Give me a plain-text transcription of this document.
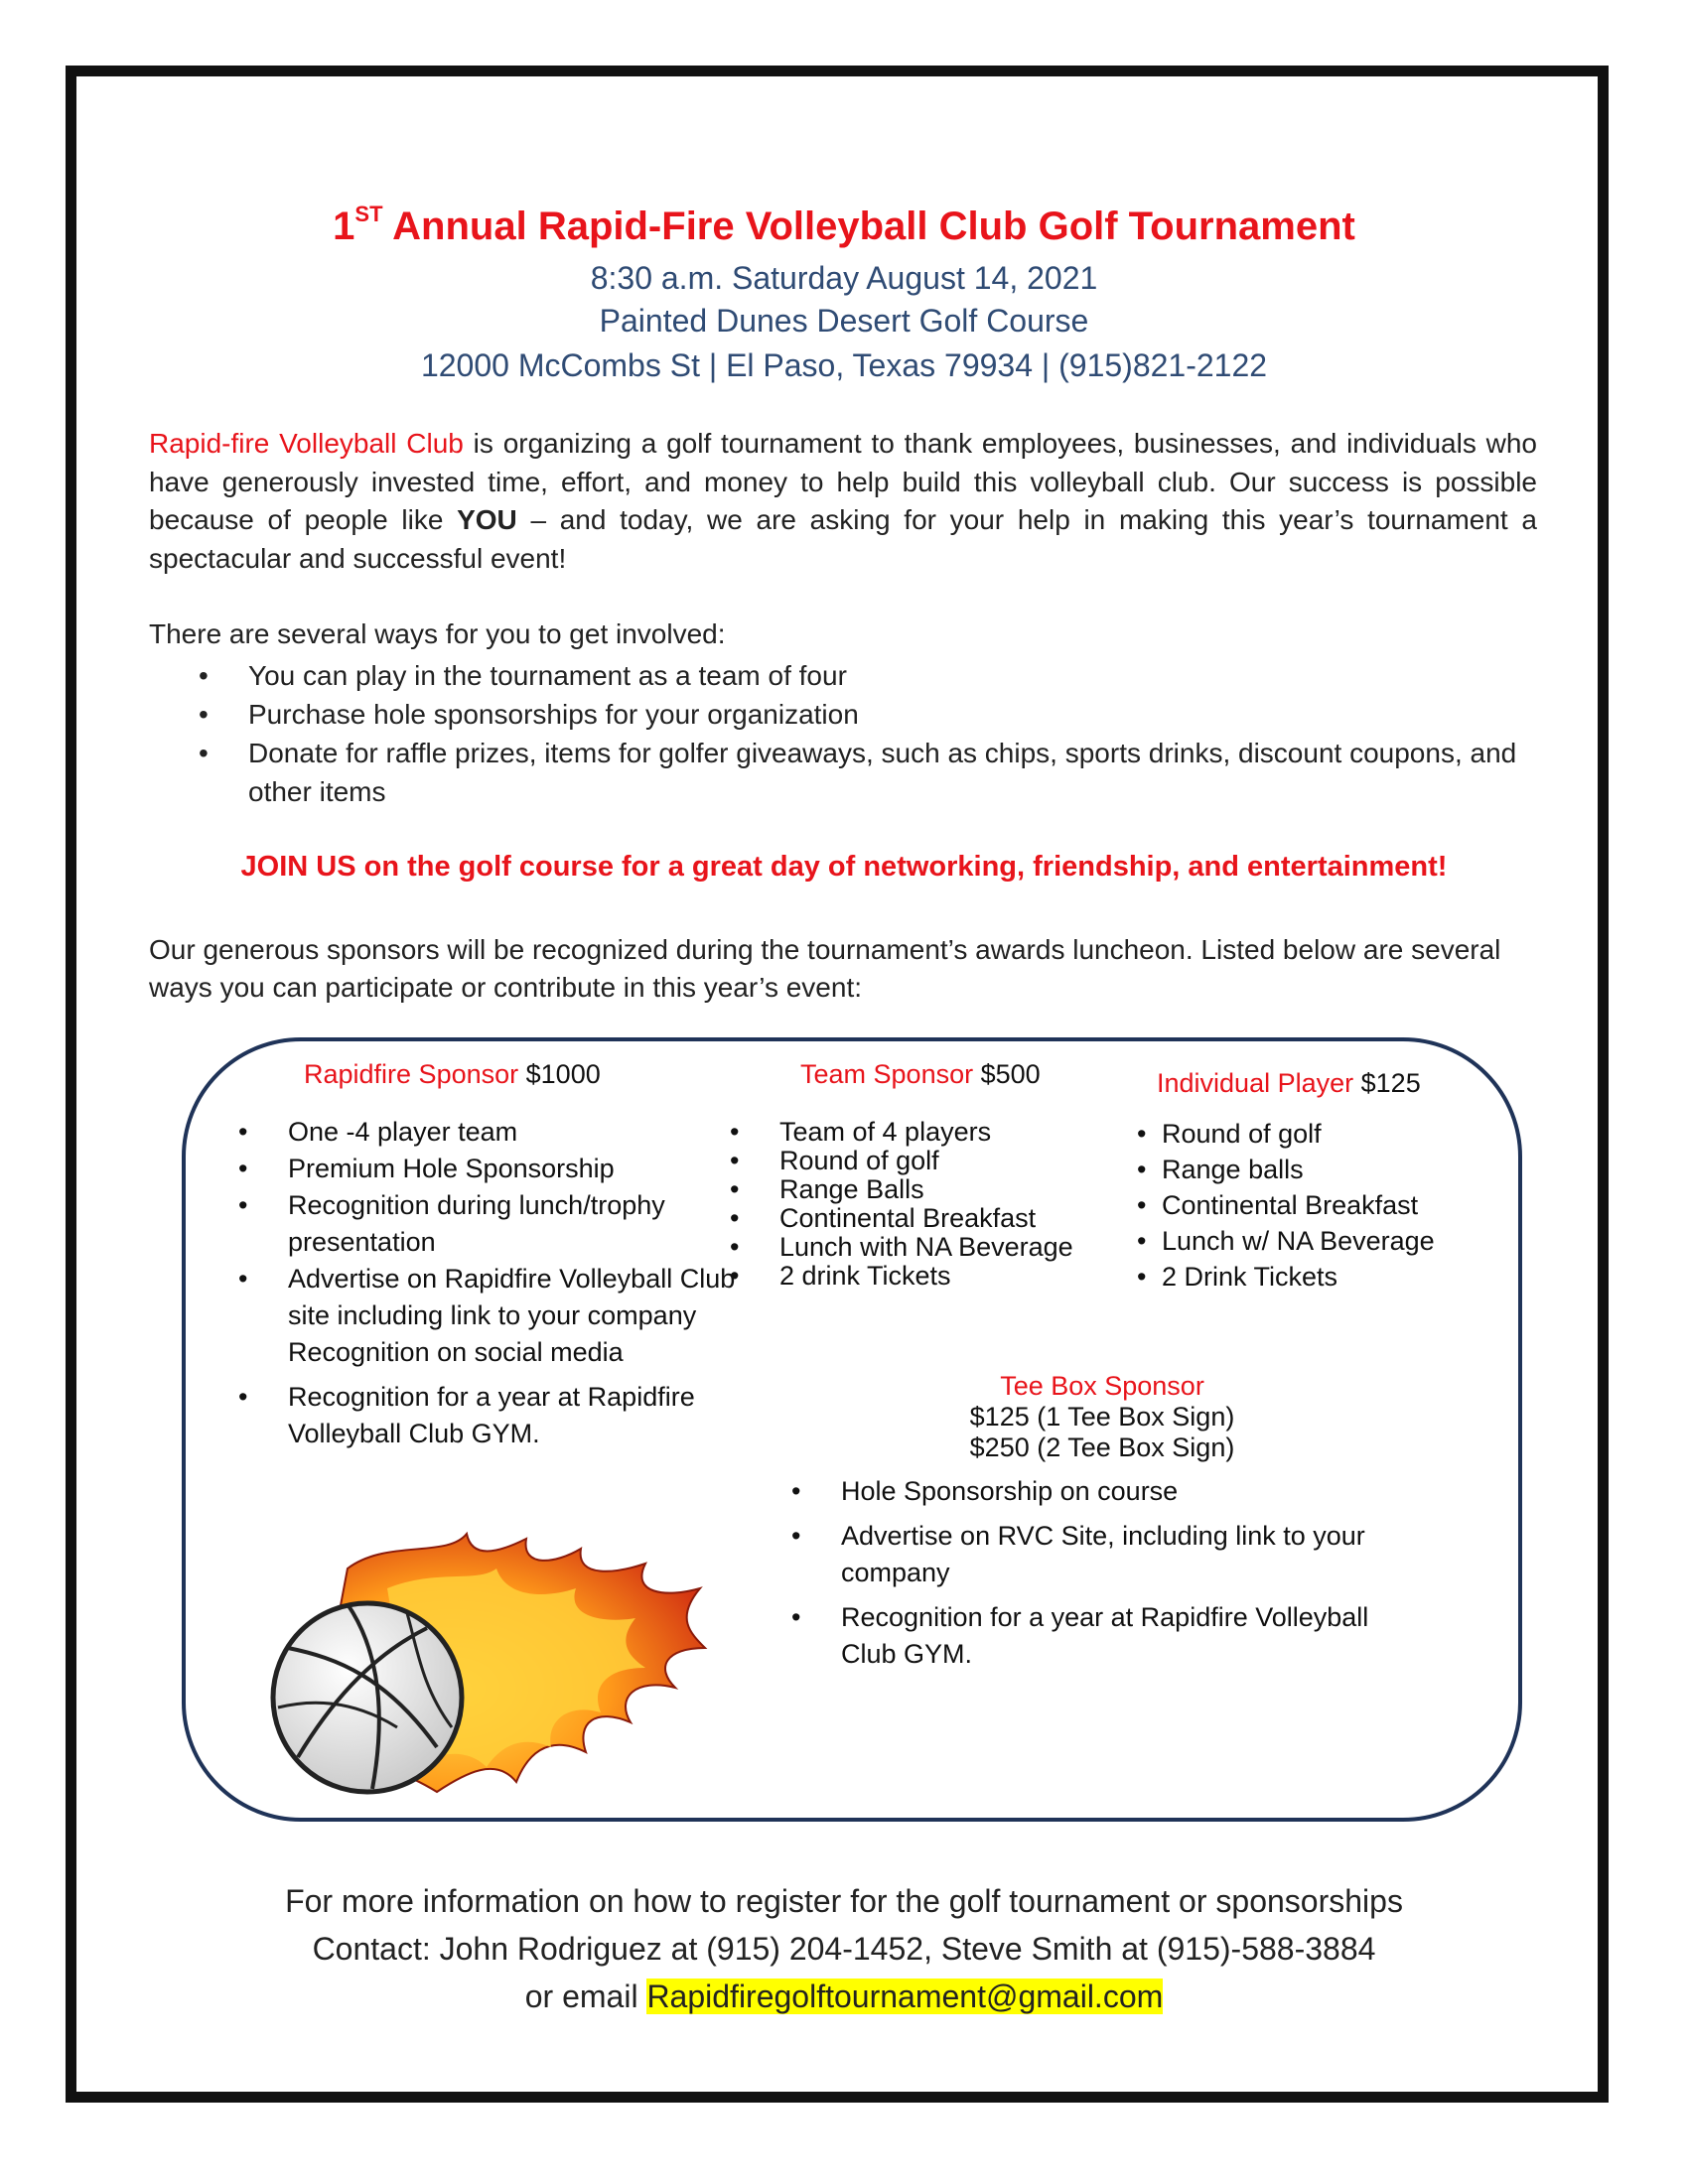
1ST Annual Rapid-Fire Volleyball Club Golf Tournament
8:30 a.m. Saturday August 14, 2021
Painted Dunes Desert Golf Course
12000 McCombs St | El Paso, Texas 79934 | (915)821-2122
Rapid-fire Volleyball Club is organizing a golf tournament to thank employees, businesses, and individuals who have generously invested time, effort, and money to help build this volleyball club. Our success is possible because of people like YOU – and today, we are asking for your help in making this year’s tournament a spectacular and successful event!
There are several ways for you to get involved:
• You can play in the tournament as a team of four
• Purchase hole sponsorships for your organization
• Donate for raffle prizes, items for golfer giveaways, such as chips, sports drinks, discount coupons, and other items
JOIN US on the golf course for a great day of networking, friendship, and entertainment!
Our generous sponsors will be recognized during the tournament’s awards luncheon. Listed below are several ways you can participate or contribute in this year’s event:
Rapidfire Sponsor $1000
• One -4 player team
• Premium Hole Sponsorship
• Recognition during lunch/trophy presentation
• Advertise on Rapidfire Volleyball Club site including link to your company Recognition on social media
• Recognition for a year at Rapidfire Volleyball Club GYM.
Team Sponsor $500
• Team of 4 players
• Round of golf
• Range Balls
• Continental Breakfast
• Lunch with NA Beverage
• 2 drink Tickets
Individual Player $125
• Round of golf
• Range balls
• Continental Breakfast
• Lunch w/ NA Beverage
• 2 Drink Tickets
Tee Box Sponsor
$125 (1 Tee Box Sign)
$250 (2 Tee Box Sign)
• Hole Sponsorship on course
• Advertise on RVC Site, including link to your company
• Recognition for a year at Rapidfire Volleyball Club GYM.
For more information on how to register for the golf tournament or sponsorships
Contact: John Rodriguez at (915) 204-1452, Steve Smith at (915)-588-3884
or email Rapidfiregolftournament@gmail.com
